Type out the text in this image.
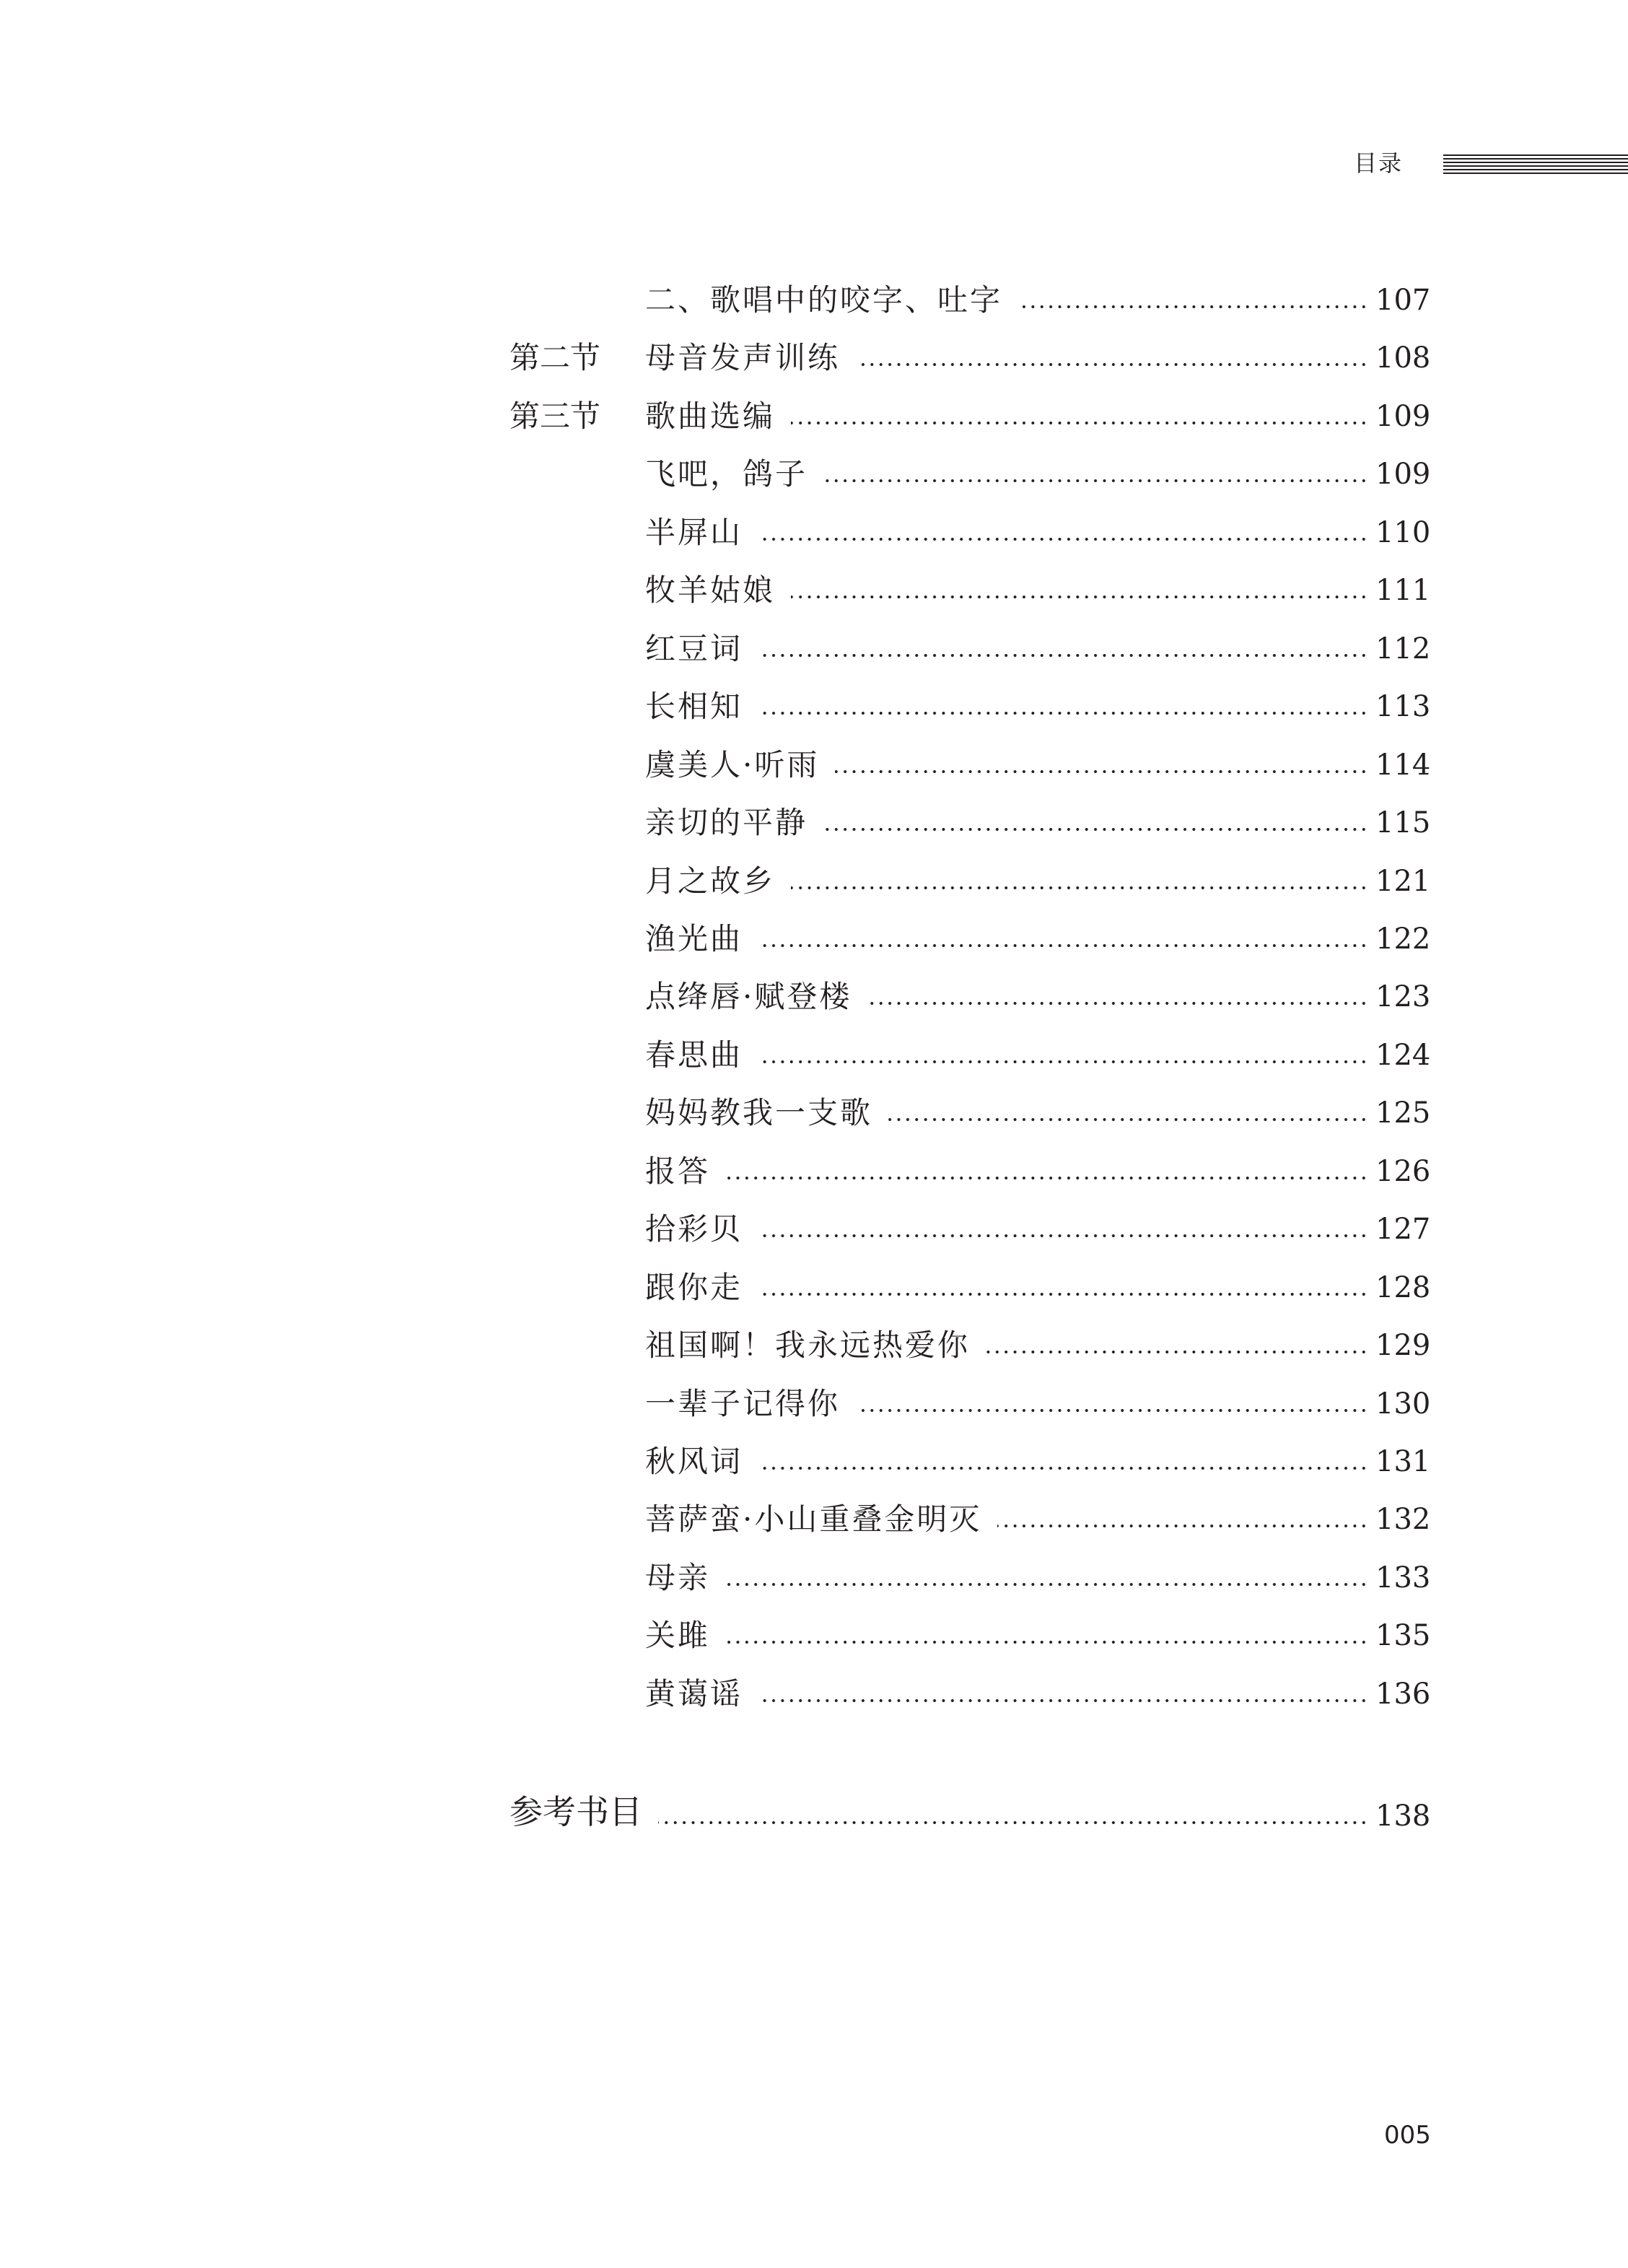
目录
二、歌唱中的咬字、吐字	107
第二节 母音发声训练	108
第三节 歌曲选编	109
飞吧，鸽子	109
半屏山	110
牧羊姑娘	111
红豆词	112
长相知	113
虞美人·听雨	114
亲切的平静	115
月之故乡	121
渔光曲	122
点绛唇·赋登楼	123
春思曲	124
妈妈教我一支歌	125
报答	126
拾彩贝	127
跟你走	128
祖国啊！我永远热爱你	129
一辈子记得你	130
秋风词	131
菩萨蛮·小山重叠金明灭	132
母亲	133
关雎	135
黄蔼谣	136
参考书目	138
005
